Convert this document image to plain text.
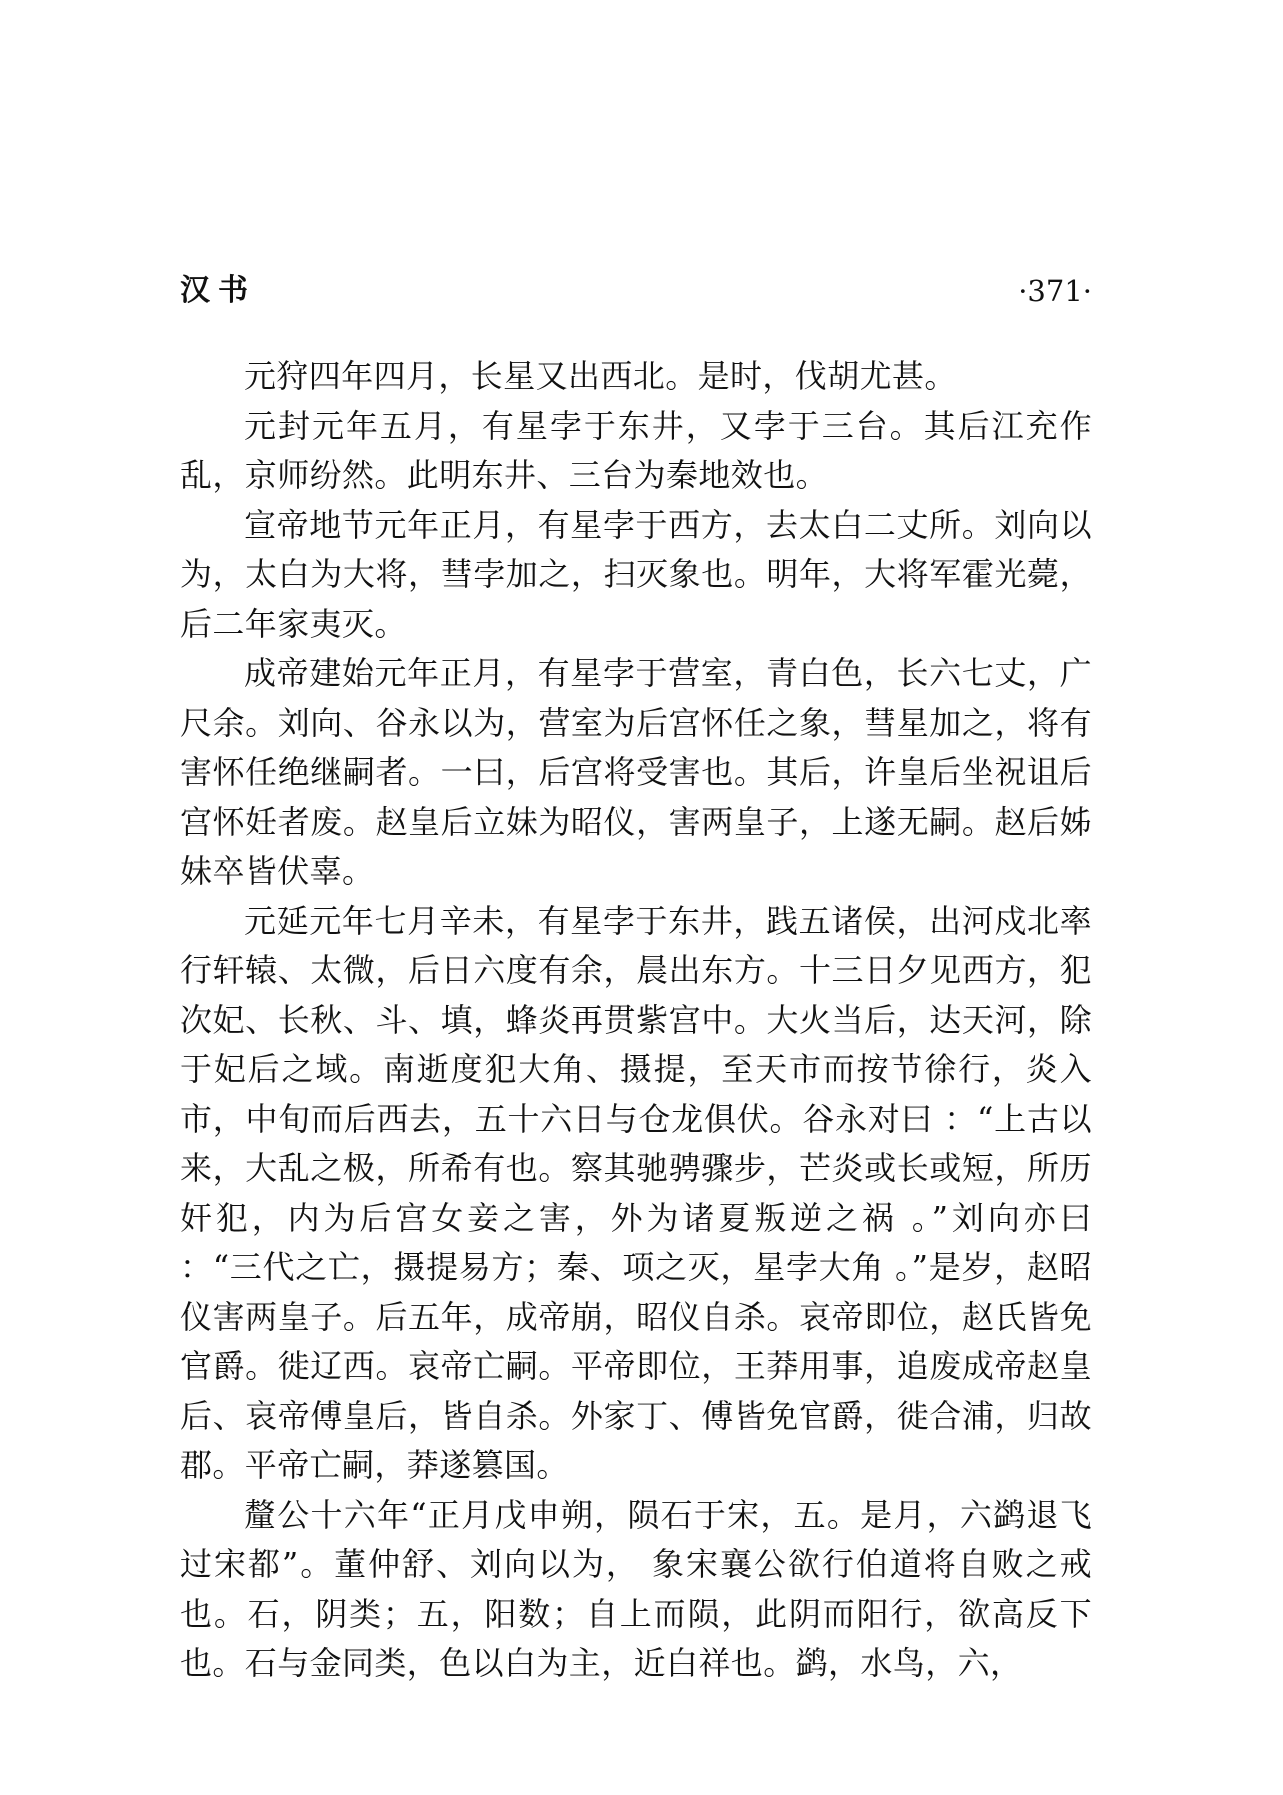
汉书	·371·

元狩四年四月，长星又出西北。是时，伐胡尤甚。

元封元年五月，有星孛于东井，又孛于三台。其后江充作乱，京师纷然。此明东井、三台为秦地效也。

宣帝地节元年正月，有星孛于西方，去太白二丈所。刘向以为，太白为大将，彗孛加之，扫灭象也。明年，大将军霍光薨，后二年家夷灭。

成帝建始元年正月，有星孛于营室，青白色，长六七丈，广尺余。刘向、谷永以为，营室为后宫怀任之象，彗星加之，将有害怀任绝继嗣者。一曰，后宫将受害也。其后，许皇后坐祝诅后宫怀妊者废。赵皇后立妹为昭仪，害两皇子，上遂无嗣。赵后姊妹卒皆伏辜。

元延元年七月辛未，有星孛于东井，践五诸侯，出河戍北率行轩辕、太微，后日六度有余，晨出东方。十三日夕见西方，犯次妃、长秋、斗、填，蜂炎再贯紫宫中。大火当后，达天河，除于妃后之域。南逝度犯大角、摄提，至天市而按节徐行，炎入市，中旬而后西去，五十六日与仓龙俱伏。谷永对曰 ：“上古以来，大乱之极，所希有也。察其驰骋骤步，芒炎或长或短，所历奸犯，内为后宫女妾之害，外为诸夏叛逆之祸 。”刘向亦曰 ：“三代之亡，摄提易方；秦、项之灭，星孛大角 。”是岁，赵昭仪害两皇子。后五年，成帝崩，昭仪自杀。哀帝即位，赵氏皆免官爵。徙辽西。哀帝亡嗣。平帝即位，王莽用事，追废成帝赵皇后、哀帝傅皇后，皆自杀。外家丁、傅皆免官爵，徙合浦，归故郡。平帝亡嗣，莽遂篡国。

釐公十六年“正月戊申朔，陨石于宋，五。是月，六鹢退飞过宋都”。董仲舒、刘向以为， 象宋襄公欲行伯道将自败之戒也。石，阴类；五，阳数；自上而陨，此阴而阳行，欲高反下也。石与金同类，色以白为主，近白祥也。鹢，水鸟，六，
